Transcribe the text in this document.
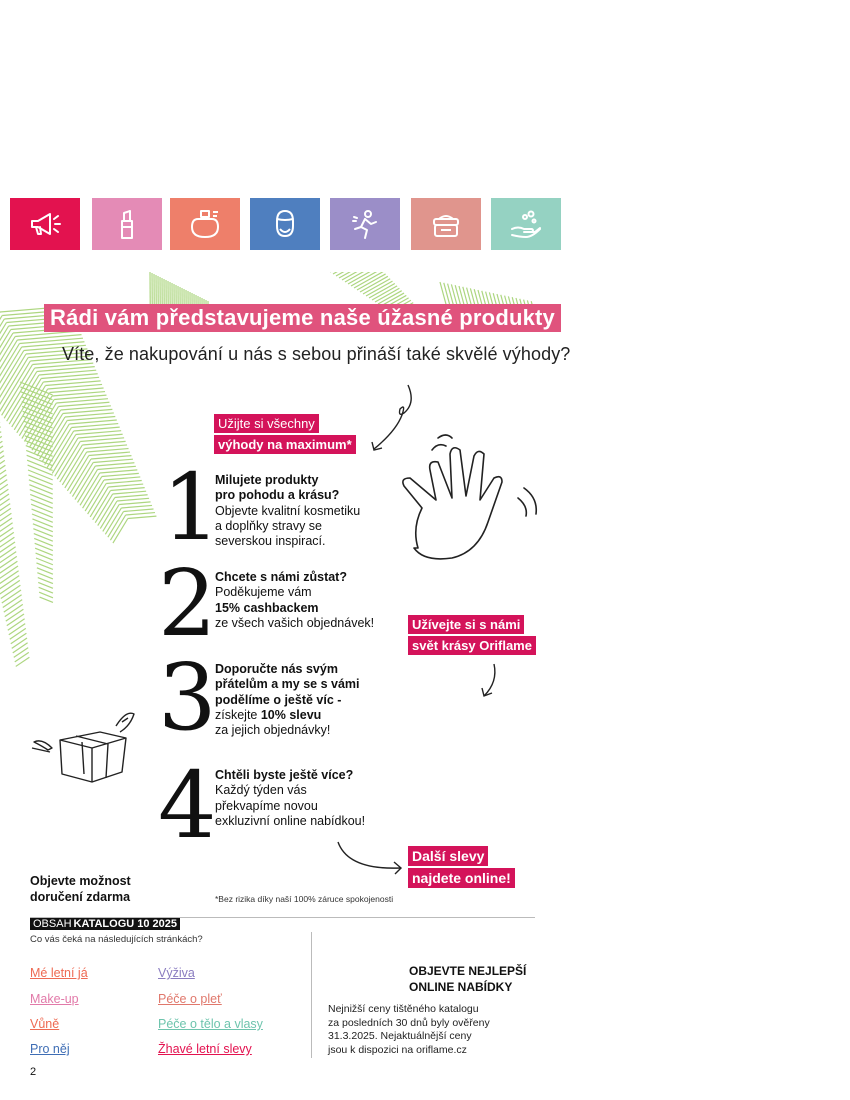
Rádi vám představujeme naše úžasné produkty
Víte, že nakupování u nás s sebou přináší také skvělé výhody?
Užijte si všechny
výhody na maximum*
1
2
3
4
Milujete produkty
pro pohodu a krásu?
Objevte kvalitní kosmetiku
a doplňky stravy se
severskou inspirací.
Chcete s námi zůstat?
Poděkujeme vám
15% cashbackem
ze všech vašich objednávek!
Doporučte nás svým
přátelům a my se s vámi
podělíme o ještě víc -
získejte 10% slevu
za jejich objednávky!
Chtěli byste ještě více?
Každý týden vás
překvapíme novou
exkluzivní online nabídkou!
Užívejte si s námi
svět krásy Oriflame
Další slevy
najdete online!
Objevte možnost
doručení zdarma	*Bez rizika díky naší 100% záruce spokojenosti
OBSAH KATALOGU 10 2025
Co vás čeká na následujících stránkách?
Mé letní já
Make-up
Vůně
Pro něj
Výživa
Péče o pleť
Péče o tělo a vlasy
Žhavé letní slevy
OBJEVTE NEJLEPŠÍ
ONLINE NABÍDKY
Nejnižší ceny tištěného katalogu
za posledních 30 dnů byly ověřeny
31.3.2025. Nejaktuálnější ceny
jsou k dispozici na oriflame.cz
2
